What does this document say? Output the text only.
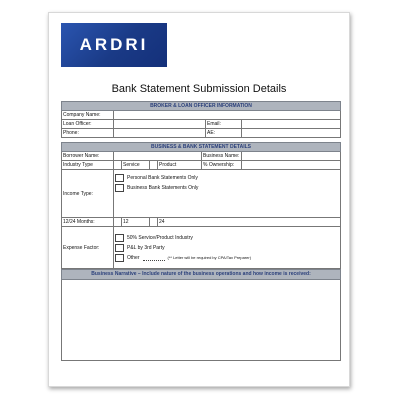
ARDRI
Bank Statement Submission Details
BROKER & LOAN OFFICER INFORMATION
Company Name:
Loan Officer:	Email:
Phone:	AE:
BUSINESS & BANK STATEMENT DETAILS
Borrower Name:	Business Name:
Industry Type	Service	Product	% Ownership:
Income Type:
Personal Bank Statements Only
Business Bank Statements Only
12/24 Months:	12	24
Expense Factor:
50% Service/Product Industry
P&L by 3rd Party
Other	(** Letter will be required by CPA/Tax Preparer)
Business Narrative – Include nature of the business operations and how income is received:
